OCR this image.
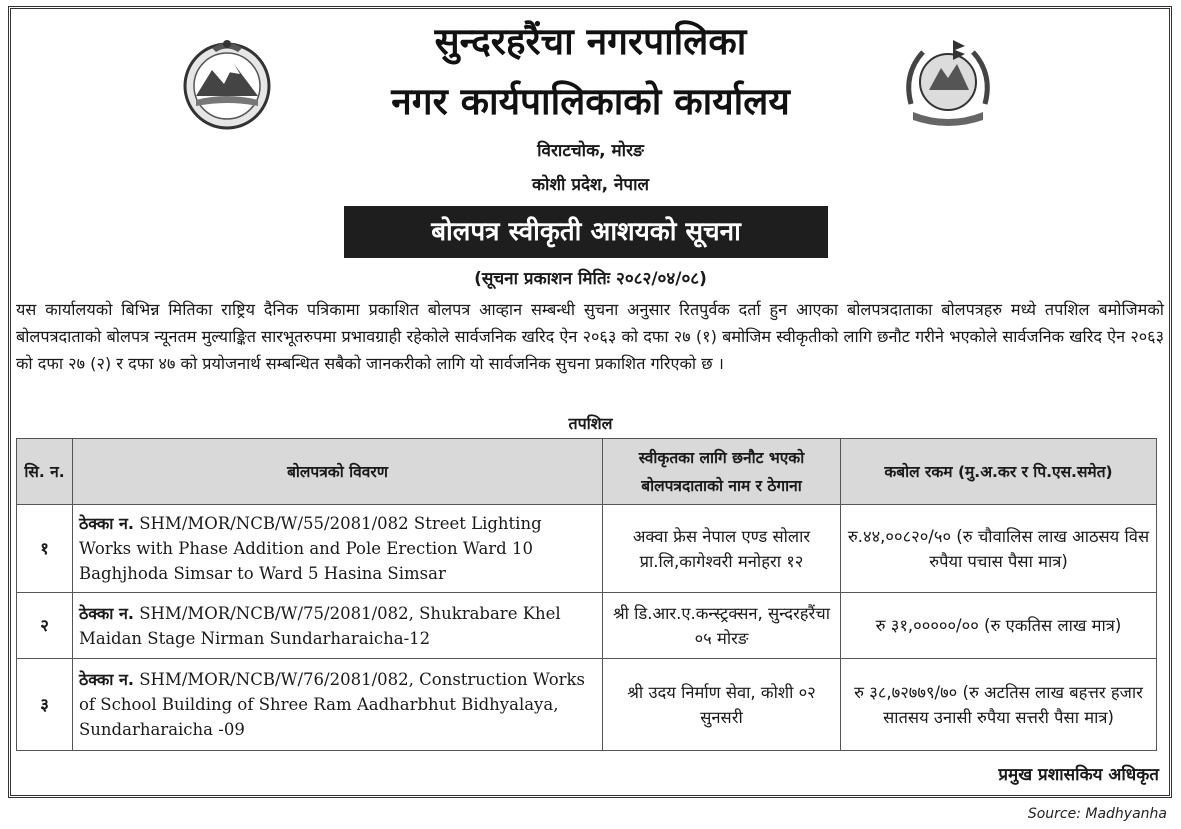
सुन्दरहरैंचा नगरपालिका
नगर कार्यपालिकाको कार्यालय
विराटचोक, मोरङ
कोशी प्रदेश, नेपाल
बोलपत्र स्वीकृती आशयको सूचना
(सूचना प्रकाशन मितिः २०८२/०४/०८)
यस कार्यालयको बिभिन्न मितिका राष्ट्रिय दैनिक पत्रिकामा प्रकाशित बोलपत्र आव्हान सम्बन्धी सुचना अनुसार रितपुर्वक दर्ता हुन आएका बोलपत्रदाताका बोलपत्रहरु मध्ये तपशिल बमोजिमको बोलपत्रदाताको बोलपत्र न्यूनतम मुल्याङ्कित सारभूतरुपमा प्रभावग्राही रहेकोले सार्वजनिक खरिद ऐन २०६३ को दफा २७ (१) बमोजिम स्वीकृतीको लागि छनौट गरीने भएकोले सार्वजनिक खरिद ऐन २०६३ को दफा २७ (२) र दफा ४७ को प्रयोजनार्थ सम्बन्धित सबैको जानकरीको लागि यो सार्वजनिक सुचना प्रकाशित गरिएको छ ।
तपशिल
सि. न.	बोलपत्रको विवरण	स्वीकृतका लागि छनौट भएको बोलपत्रदाताको नाम र ठेगाना	कबोल रकम (मु.अ.कर र पि.एस.समेत)
१	ठेक्का न. SHM/MOR/NCB/W/55/2081/082 Street Lighting Works with Phase Addition and Pole Erection Ward 10 Baghjhoda Simsar to Ward 5 Hasina Simsar	अक्वा फ्रेस नेपाल एण्ड सोलार प्रा.लि,कागेश्वरी मनोहरा १२	रु.४४,००८२०/५० (रु चौवालिस लाख आठसय विस रुपैया पचास पैसा मात्र)
२	ठेक्का न. SHM/MOR/NCB/W/75/2081/082, Shukrabare Khel Maidan Stage Nirman Sundarharaicha-12	श्री डि.आर.ए.कन्स्ट्रक्सन, सुन्दरहरैंचा ०५ मोरङ	रु ३१,०००००/०० (रु एकतिस लाख मात्र)
३	ठेक्का न. SHM/MOR/NCB/W/76/2081/082, Construction Works of School Building of Shree Ram Aadharbhut Bidhyalaya, Sundarharaicha -09	श्री उदय निर्माण सेवा, कोशी ०२ सुनसरी	रु ३८,७२७७९/७० (रु अटतिस लाख बहत्तर हजार सातसय उनासी रुपैया सत्तरी पैसा मात्र)
प्रमुख प्रशासकिय अधिकृत
Source: Madhyanha
